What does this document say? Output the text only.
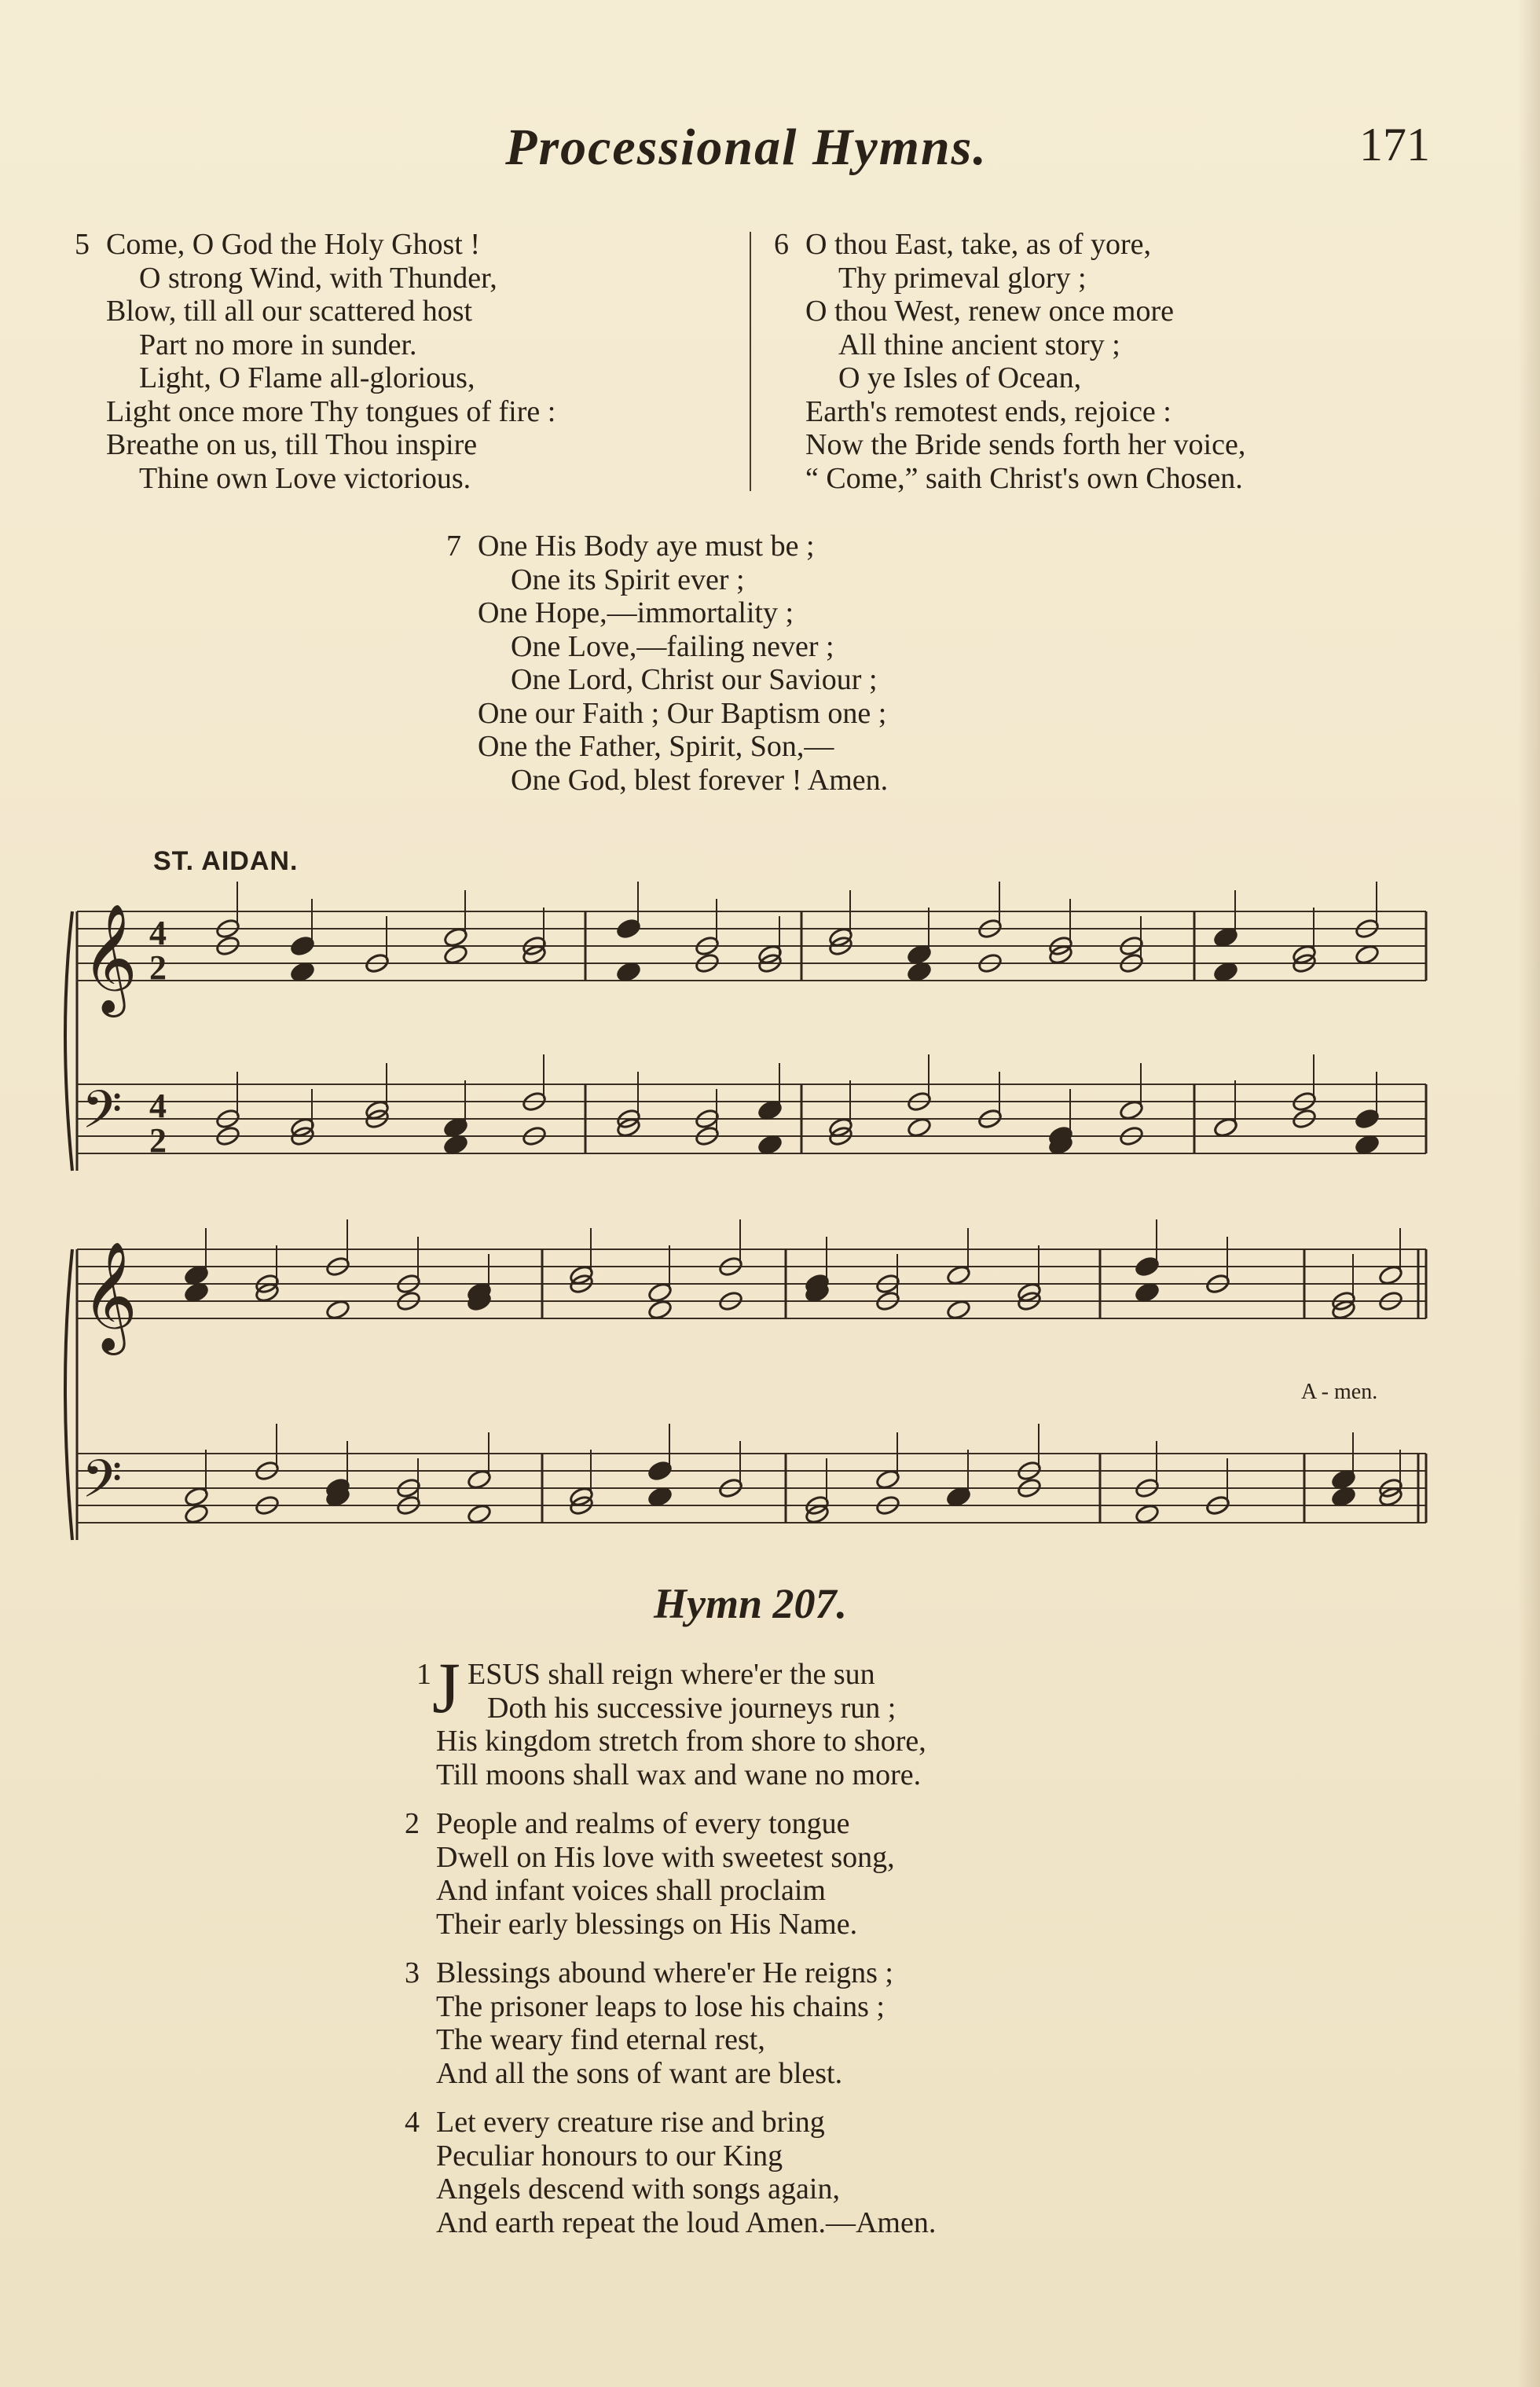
Processional Hymns.	171
5 Come, O God the Holy Ghost !
O strong Wind, with Thunder,
Blow, till all our scattered host
Part no more in sunder.
Light, O Flame all-glorious,
Light once more Thy tongues of fire :
Breathe on us, till Thou inspire
Thine own Love victorious.
6 O thou East, take, as of yore,
Thy primeval glory ;
O thou West, renew once more
All thine ancient story ;
O ye Isles of Ocean,
Earth's remotest ends, rejoice :
Now the Bride sends forth her voice,
“ Come,” saith Christ's own Chosen.
7 One His Body aye must be ;
One its Spirit ever ;
One Hope,—immortality ;
One Love,—failing never ;
One Lord, Christ our Saviour ;
One our Faith ; Our Baptism one ;
One the Father, Spirit, Son,—
One God, blest forever ! Amen.
ST. AIDAN.
𝄞 4
2
𝄢 4
2
𝄞
𝄢
A - men.
Hymn 207.
J
1 ESUS shall reign where'er the sun
Doth his successive journeys run ;
His kingdom stretch from shore to shore,
Till moons shall wax and wane no more.
2 People and realms of every tongue
Dwell on His love with sweetest song,
And infant voices shall proclaim
Their early blessings on His Name.
3 Blessings abound where'er He reigns ;
The prisoner leaps to lose his chains ;
The weary find eternal rest,
And all the sons of want are blest.
4 Let every creature rise and bring
Peculiar honours to our King
Angels descend with songs again,
And earth repeat the loud Amen.—Amen.
